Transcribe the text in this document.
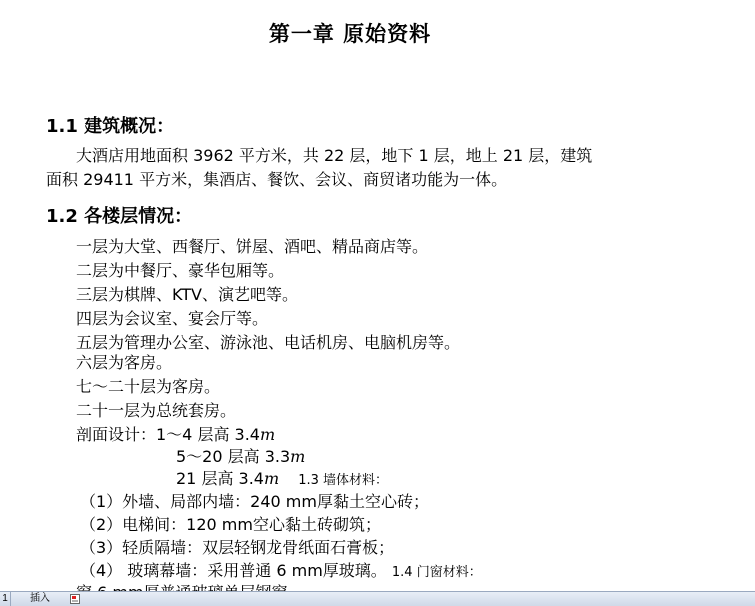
第一章 原始资料
1.1 建筑概况：
大酒店用地面积 3962 平方米，共 22 层，地下 1 层，地上 21 层，建筑
面积 29411 平方米，集酒店、餐饮、会议、商贸诸功能为一体。
1.2 各楼层情况：
一层为大堂、西餐厅、饼屋、酒吧、精品商店等。
二层为中餐厅、豪华包厢等。
三层为棋牌、KTV、演艺吧等。
四层为会议室、宴会厅等。
五层为管理办公室、游泳池、电话机房、电脑机房等。
六层为客房。
七～二十层为客房。
二十一层为总统套房。
剖面设计：1～4 层高 3.4m
5～20 层高 3.3m
21 层高 3.4m 1.3 墙体材料：
（1）外墙、局部内墙：240 mm厚黏土空心砖；
（2）电梯间：120 mm空心黏土砖砌筑；
（3）轻质隔墙：双层轻钢龙骨纸面石膏板；
（4） 玻璃幕墙：采用普通 6 mm厚玻璃。 1.4 门窗材料：
1	插入
